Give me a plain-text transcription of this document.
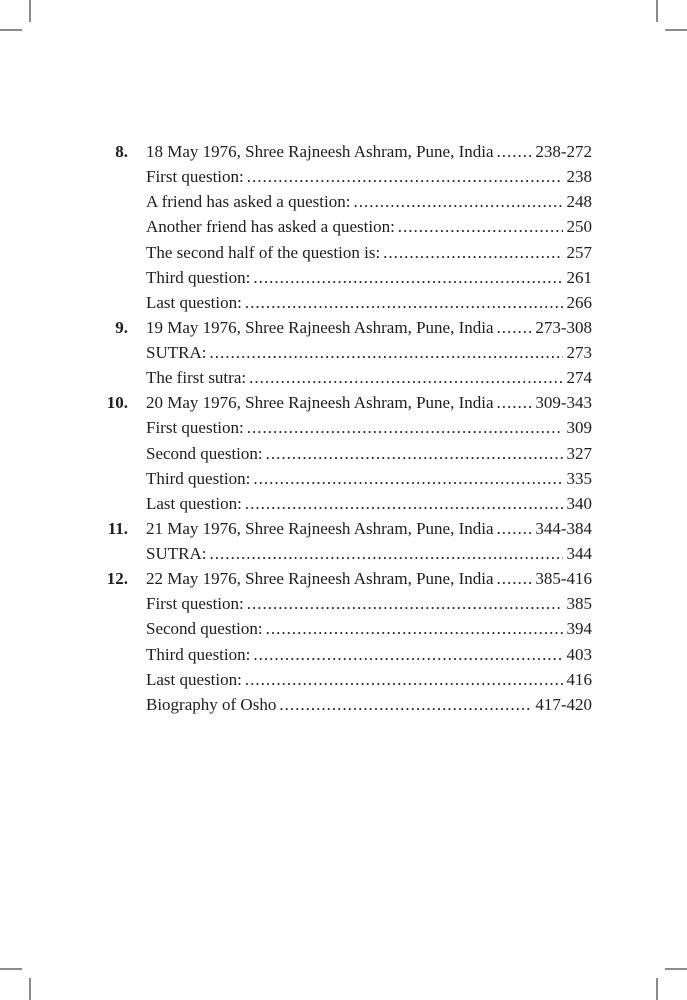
8. 18 May 1976, Shree Rajneesh Ashram, Pune, India ..... 238-272
First question: .....	238
A friend has asked a question: .....	248
Another friend has asked a question: .....	250
The second half of the question is: .....	257
Third question: .....	261
Last question: .....	266
9. 19 May 1976, Shree Rajneesh Ashram, Pune, India ..... 273-308
SUTRA: .....	273
The first sutra: .....	274
10. 20 May 1976, Shree Rajneesh Ashram, Pune, India ..... 309-343
First question: .....	309
Second question: .....	327
Third question: .....	335
Last question: .....	340
11. 21 May 1976, Shree Rajneesh Ashram, Pune, India ..... 344-384
SUTRA: .....	344
12. 22 May 1976, Shree Rajneesh Ashram, Pune, India ..... 385-416
First question: .....	385
Second question: .....	394
Third question: .....	403
Last question: .....	416
Biography of Osho .....	417-420
